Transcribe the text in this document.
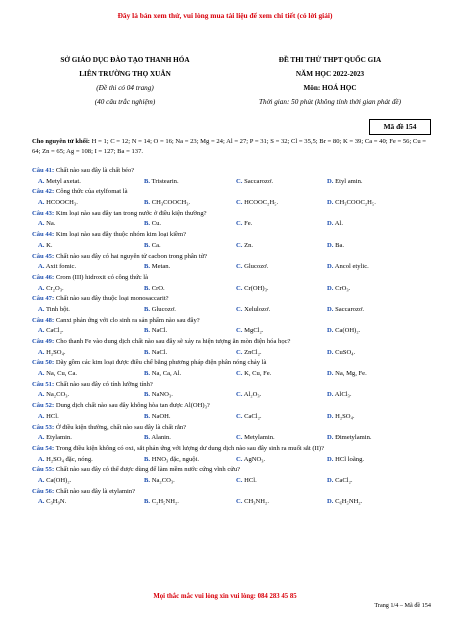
Đây là bản xem thử, vui lòng mua tài liệu để xem chi tiết (có lời giải)
SỞ GIÁO DỤC ĐÀO TẠO THANH HÓA
LIÊN TRƯỜNG THỌ XUÂN
(Đề thi có 04 trang)
(40 câu trắc nghiệm)
ĐỀ THI THỬ THPT QUỐC GIA
NĂM HỌC 2022-2023
Môn: HOÁ HỌC
Thời gian: 50 phút (không tính thời gian phát đề)
Mã đề 154
Cho nguyên tử khối: H = 1; C = 12; N = 14; O = 16; Na = 23; Mg = 24; Al = 27; P = 31; S = 32; Cl = 35,5; Br = 80; K = 39; Ca = 40; Fe = 56; Cu = 64; Zn = 65; Ag = 108; I = 127; Ba = 137.
Câu 41: Chất nào sau đây là chất béo?
A. Metyl axetat.	B. Tristearin.	C. Saccarozơ.	D. Etyl amin.
Câu 42: Công thức của etylfomat là
A. HCOOCH₃.	B. CH₃COOCH₃.	C. HCOOC₂H₅.	D. CH₃COOC₂H₅.
Câu 43: Kim loại nào sau đây tan trong nước ở điều kiện thường?
A. Na.	B. Cu.	C. Fe.	D. Al.
Câu 44: Kim loại nào sau đây thuộc nhóm kim loại kiềm?
A. K.	B. Ca.	C. Zn.	D. Ba.
Câu 45: Chất nào sau đây có hai nguyên tử cacbon trong phân tử?
A. Axit fomic.	B. Metan.	C. Glucozơ.	D. Ancol etylic.
Câu 46: Crom (III) hidroxit có công thức là
A. Cr₂O₃.	B. CrO.	C. Cr(OH)₃.	D. CrO₃.
Câu 47: Chất nào sau đây thuộc loại monosaccarit?
A. Tinh bột.	B. Glucozơ.	C. Xelulozơ.	D. Saccarozơ.
Câu 48: Canxi phản ứng với clo sinh ra sản phẩm nào sau đây?
A. CaCl₂.	B. NaCl.	C. MgCl₂.	D. Ca(OH)₂.
Câu 49: Cho thanh Fe vào dung dịch chất nào sau đây sẽ xảy ra hiện tượng ăn mòn điện hóa học?
A. H₂SO₄.	B. NaCl.	C. ZnCl₂.	D. CuSO₄.
Câu 50: Dãy gồm các kim loại được điều chế bằng phương pháp điện phân nóng chảy là
A. Na, Cu, Ca.	B. Na, Ca, Al.	C. K, Cu, Fe.	D. Na, Mg, Fe.
Câu 51: Chất nào sau đây có tính lưỡng tính?
A. Na₂CO₃.	B. NaNO₃.	C. Al₂O₃.	D. AlCl₃.
Câu 52: Dung dịch chất nào sau đây không hòa tan được Al(OH)₃?
A. HCl.	B. NaOH.	C. CaCl₂.	D. H₂SO₄.
Câu 53: Ở điều kiện thường, chất nào sau đây là chất rắn?
A. Etylamin.	B. Alanin.	C. Metylamin.	D. Đimetylamin.
Câu 54: Trong điều kiện không có oxi, sắt phản ứng với lượng dư dung dịch nào sau đây sinh ra muối sắt (II)?
A. H₂SO₄ đặc, nóng.	B. HNO₃ đặc, nguội.	C. AgNO₃.	D. HCl loãng.
Câu 55: Chất nào sau đây có thể được dùng để làm mềm nước cứng vĩnh cửu?
A. Ca(OH)₂.	B. Na₂CO₃.	C. HCl.	D. CaCl₂.
Câu 56: Chất nào sau đây là etylamin?
A. C₃H₉N.	B. C₂H₅NH₂.	C. CH₃NH₂.	D. C₆H₅NH₂.
Mọi thắc mắc vui lòng xin vui lòng: 084 283 45 85
Trang 1/4 – Mã đề 154
